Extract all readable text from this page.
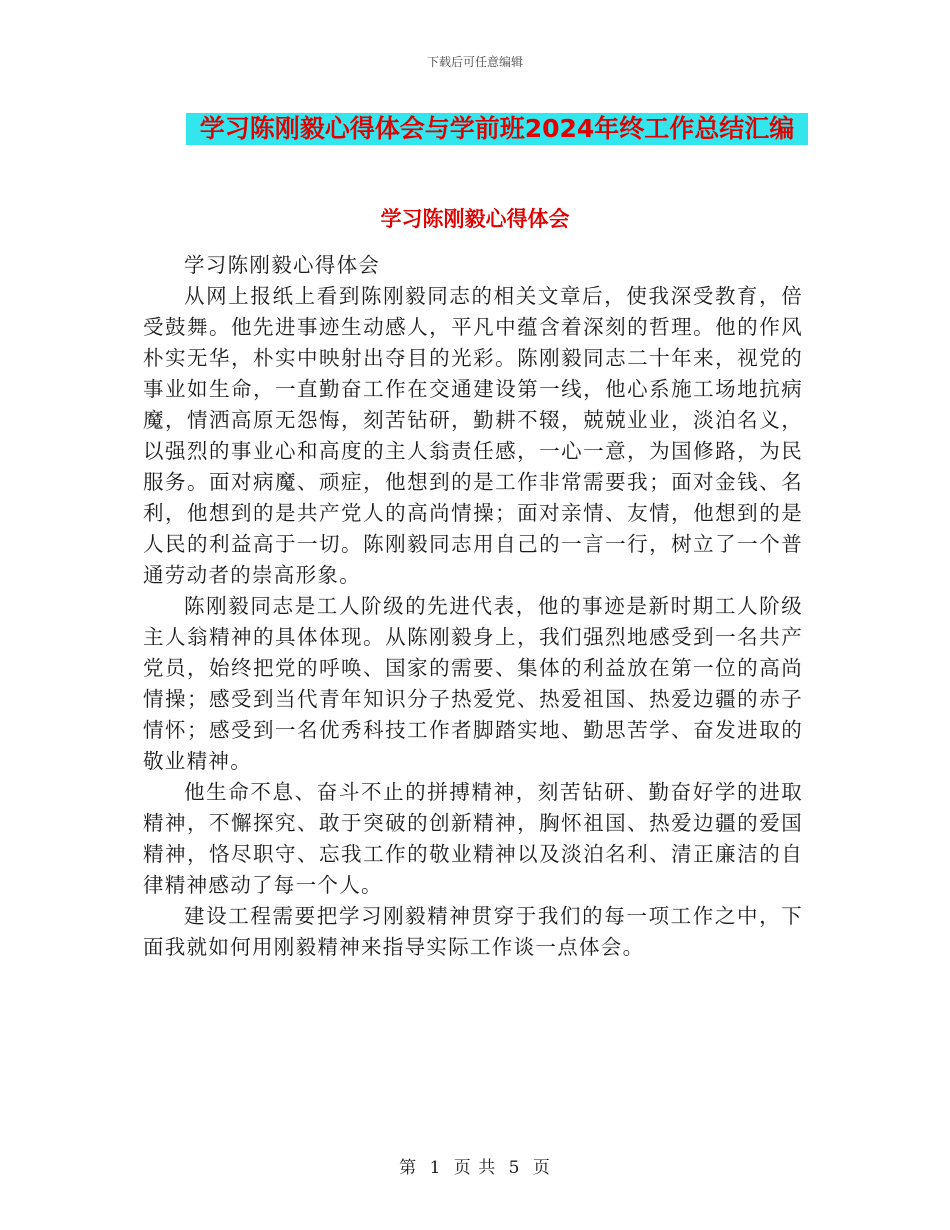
下载后可任意编辑
学习陈刚毅心得体会与学前班2024年终工作总结汇编
学习陈刚毅心得体会

学习陈刚毅心得体会

从网上报纸上看到陈刚毅同志的相关文章后，使我深受教育，倍受鼓舞。他先进事迹生动感人，平凡中蕴含着深刻的哲理。他的作风朴实无华，朴实中映射出夺目的光彩。陈刚毅同志二十年来，视党的事业如生命，一直勤奋工作在交通建设第一线，他心系施工场地抗病魔，情洒高原无怨悔，刻苦钻研，勤耕不辍，兢兢业业，淡泊名义，以强烈的事业心和高度的主人翁责任感，一心一意，为国修路，为民服务。面对病魔、顽症，他想到的是工作非常需要我；面对金钱、名利，他想到的是共产党人的高尚情操；面对亲情、友情，他想到的是人民的利益高于一切。陈刚毅同志用自己的一言一行，树立了一个普通劳动者的崇高形象。

陈刚毅同志是工人阶级的先进代表，他的事迹是新时期工人阶级主人翁精神的具体体现。从陈刚毅身上，我们强烈地感受到一名共产党员，始终把党的呼唤、国家的需要、集体的利益放在第一位的高尚情操；感受到当代青年知识分子热爱党、热爱祖国、热爱边疆的赤子情怀；感受到一名优秀科技工作者脚踏实地、勤思苦学、奋发进取的敬业精神。

他生命不息、奋斗不止的拼搏精神，刻苦钻研、勤奋好学的进取精神，不懈探究、敢于突破的创新精神，胸怀祖国、热爱边疆的爱国精神，恪尽职守、忘我工作的敬业精神以及淡泊名利、清正廉洁的自律精神感动了每一个人。

建设工程需要把学习刚毅精神贯穿于我们的每一项工作之中，下面我就如何用刚毅精神来指导实际工作谈一点体会。

第 1 页 共 5 页
